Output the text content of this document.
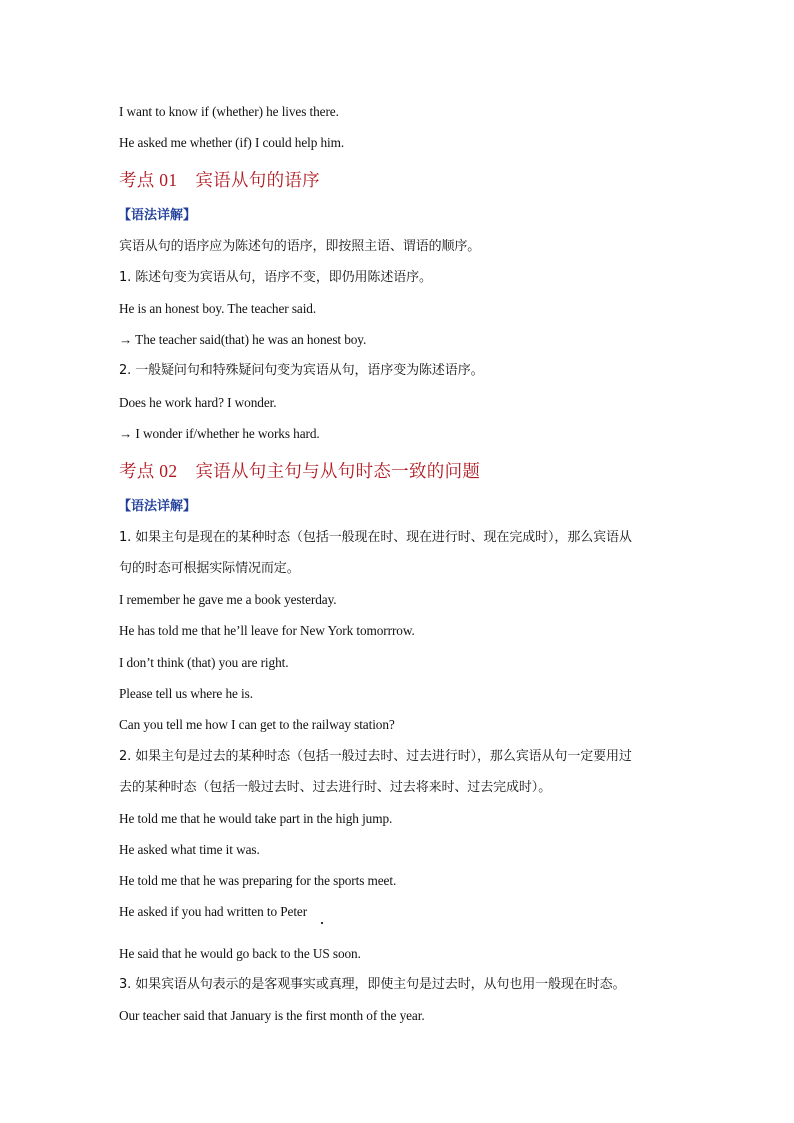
I want to know if (whether) he lives there.
He asked me whether (if) I could help him.
考点 01 宾语从句的语序
【语法详解】
宾语从句的语序应为陈述句的语序，即按照主语、谓语的顺序。
1. 陈述句变为宾语从句，语序不变，即仍用陈述语序。
He is an honest boy. The teacher said.
→ The teacher said(that) he was an honest boy.
2. 一般疑问句和特殊疑问句变为宾语从句，语序变为陈述语序。
Does he work hard? I wonder.
→ I wonder if/whether he works hard.
考点 02 宾语从句主句与从句时态一致的问题
【语法详解】
1. 如果主句是现在的某种时态（包括一般现在时、现在进行时、现在完成时），那么宾语从
句的时态可根据实际情况而定。
I remember he gave me a book yesterday.
He has told me that he’ll leave for New York tomorrrow.
I don’t think (that) you are right.
Please tell us where he is.
Can you tell me how I can get to the railway station?
2. 如果主句是过去的某种时态（包括一般过去时、过去进行时），那么宾语从句一定要用过
去的某种时态（包括一般过去时、过去进行时、过去将来时、过去完成时）。
He told me that he would take part in the high jump.
He asked what time it was.
He told me that he was preparing for the sports meet.
He asked if you had written to Peter
He said that he would go back to the US soon.
3. 如果宾语从句表示的是客观事实或真理，即使主句是过去时，从句也用一般现在时态。
Our teacher said that January is the first month of the year.
